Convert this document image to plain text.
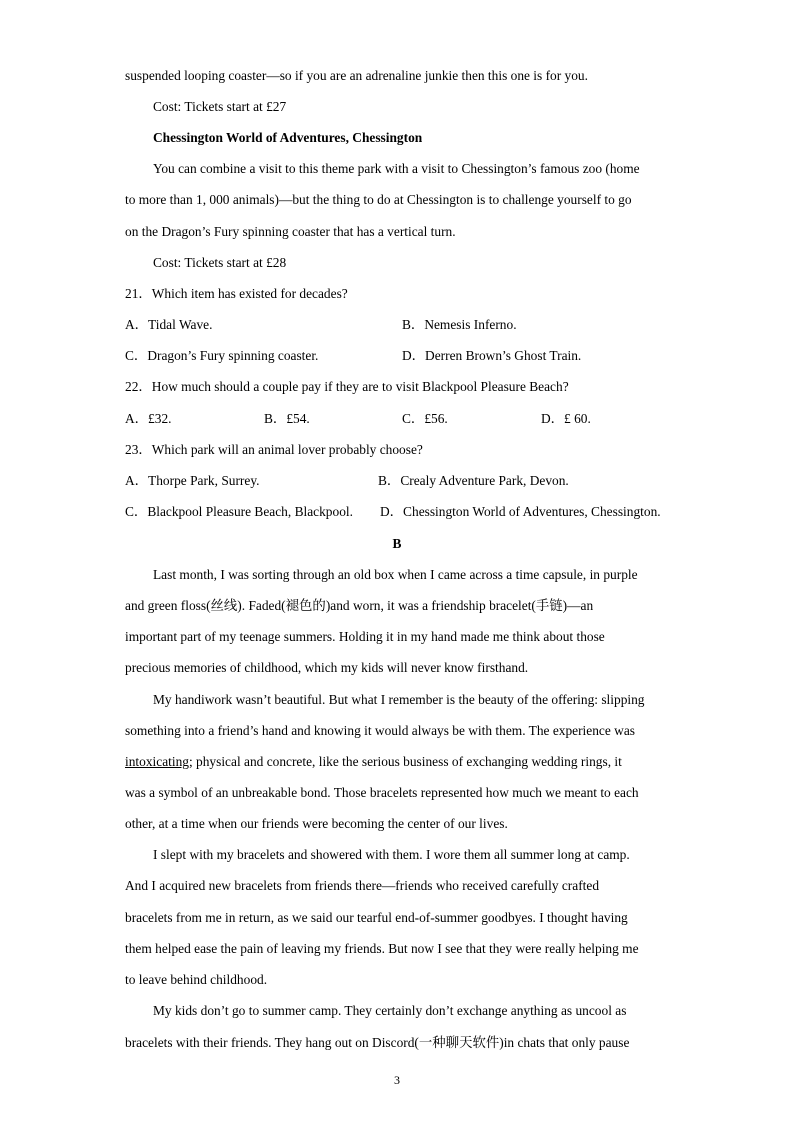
suspended looping coaster—so if you are an adrenaline junkie then this one is for you.
Cost: Tickets start at £27
Chessington World of Adventures, Chessington
You can combine a visit to this theme park with a visit to Chessington’s famous zoo (home
to more than 1, 000 animals)—but the thing to do at Chessington is to challenge yourself to go
on the Dragon’s Fury spinning coaster that has a vertical turn.
Cost: Tickets start at £28
21．Which item has existed for decades?
A．Tidal Wave.	B．Nemesis Inferno.
C．Dragon’s Fury spinning coaster.	D．Derren Brown’s Ghost Train.
22．How much should a couple pay if they are to visit Blackpool Pleasure Beach?
A．£32.	B．£54.	C．£56.	D．£ 60.
23．Which park will an animal lover probably choose?
A．Thorpe Park, Surrey.	B．Crealy Adventure Park, Devon.
C．Blackpool Pleasure Beach, Blackpool. D．Chessington World of Adventures, Chessington.
B
Last month, I was sorting through an old box when I came across a time capsule, in purple
and green floss(丝线). Faded(褪色的)and worn, it was a friendship bracelet(手链)—an
important part of my teenage summers. Holding it in my hand made me think about those
precious memories of childhood, which my kids will never know firsthand.
My handiwork wasn’t beautiful. But what I remember is the beauty of the offering: slipping
something into a friend’s hand and knowing it would always be with them. The experience was
intoxicating; physical and concrete, like the serious business of exchanging wedding rings, it
was a symbol of an unbreakable bond. Those bracelets represented how much we meant to each
other, at a time when our friends were becoming the center of our lives.
I slept with my bracelets and showered with them. I wore them all summer long at camp.
And I acquired new bracelets from friends there—friends who received carefully crafted
bracelets from me in return, as we said our tearful end-of-summer goodbyes. I thought having
them helped ease the pain of leaving my friends. But now I see that they were really helping me
to leave behind childhood.
My kids don’t go to summer camp. They certainly don’t exchange anything as uncool as
bracelets with their friends. They hang out on Discord(一种聊天软件)in chats that only pause
3
